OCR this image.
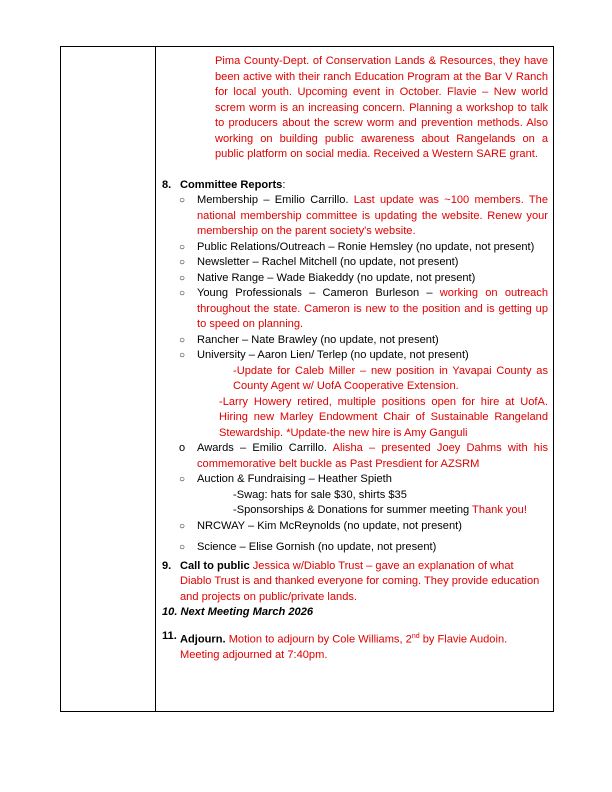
Pima County-Dept. of Conservation Lands & Resources, they have been active with their ranch Education Program at the Bar V Ranch for local youth. Upcoming event in October. Flavie – New world screm worm is an increasing concern. Planning a workshop to talk to producers about the screw worm and prevention methods. Also working on building public awareness about Rangelands on a public platform on social media. Received a Western SARE grant.
8. Committee Reports:
○	Membership – Emilio Carrillo. Last update was ~100 members. The national membership committee is updating the website. Renew your membership on the parent society's website.
○	Public Relations/Outreach – Ronie Hemsley (no update, not present)
○	Newsletter – Rachel Mitchell (no update, not present)
○	Native Range – Wade Biakeddy (no update, not present)
○	Young Professionals – Cameron Burleson – working on outreach throughout the state. Cameron is new to the position and is getting up to speed on planning.
○	Rancher – Nate Brawley (no update, not present)
○	University – Aaron Lien/ Terlep (no update, not present)
-Update for Caleb Miller – new position in Yavapai County as County Agent w/ UofA Cooperative Extension.
-Larry Howery retired, multiple positions open for hire at UofA. Hiring new Marley Endowment Chair of Sustainable Rangeland Stewardship. *Update-the new hire is Amy Ganguli
o	Awards – Emilio Carrillo. Alisha – presented Joey Dahms with his commemorative belt buckle as Past Presdient for AZSRM
○	Auction & Fundraising – Heather Spieth
-Swag: hats for sale $30, shirts $35
-Sponsorships & Donations for summer meeting Thank you!
○	NRCWAY – Kim McReynolds (no update, not present)
○	Science – Elise Gornish (no update, not present)
9. Call to public Jessica w/Diablo Trust – gave an explanation of what Diablo Trust is and thanked everyone for coming. They provide education and projects on public/private lands.
10. Next Meeting March 2026
11. Adjourn. Motion to adjourn by Cole Williams, 2nd by Flavie Audoin. Meeting adjourned at 7:40pm.
